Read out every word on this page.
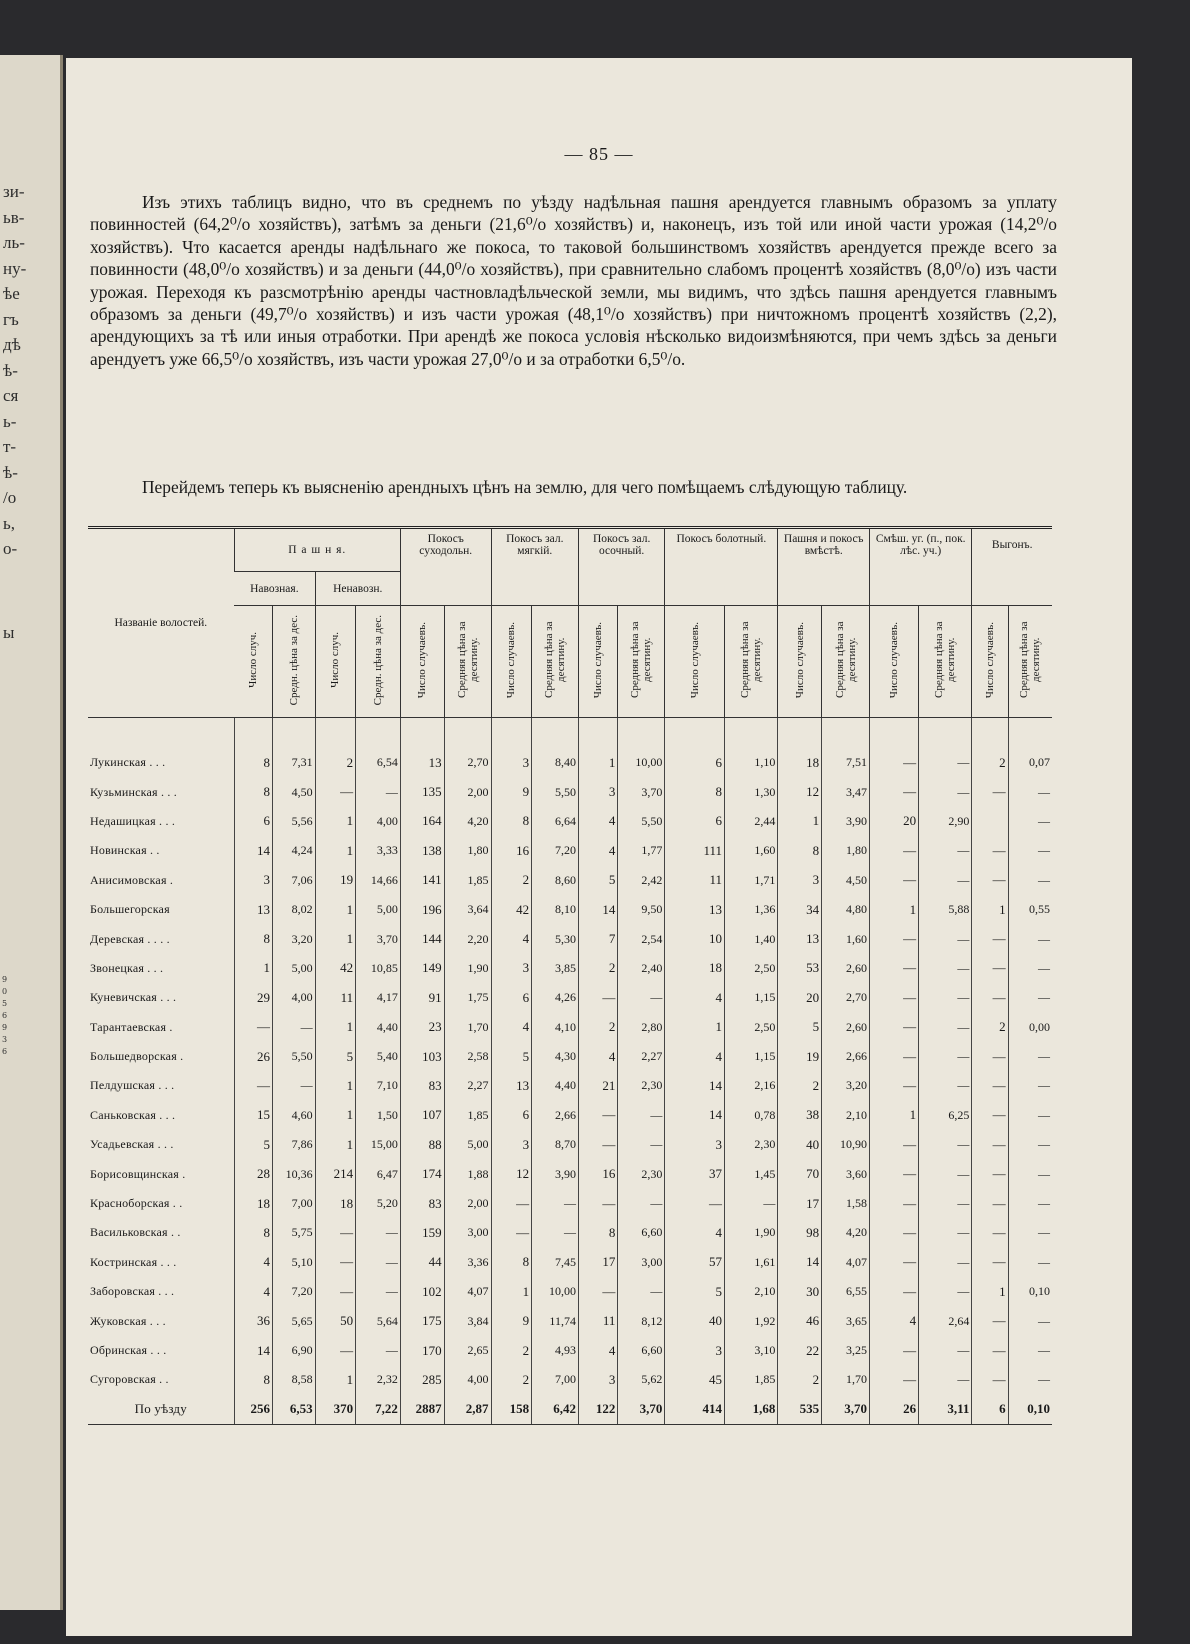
зи-
ьв-
ль-
ну-
ѣе
гъ
дѣ
ѣ-
ся
ь-
т-
ѣ-
/о
ь,
о-
ы
9
0
5
6
9
3
6
— 85 —

Изъ этихъ таблицъ видно, что въ среднемъ по уѣзду надѣльная пашня арендуется главнымъ образомъ за уплату повинностей (64,2⁰/о хозяйствъ), затѣмъ за деньги (21,6⁰/о хозяйствъ) и, наконецъ, изъ той или иной части урожая (14,2⁰/о хозяйствъ). Что касается аренды надѣльнаго же покоса, то таковой большинствомъ хозяйствъ арендуется прежде всего за повинности (48,0⁰/о хозяйствъ) и за деньги (44,0⁰/о хозяйствъ), при сравнительно слабомъ процентѣ хозяйствъ (8,0⁰/о) изъ части урожая. Переходя къ разсмотрѣнію аренды частновладѣльческой земли, мы видимъ, что здѣсь пашня арендуется главнымъ образомъ за деньги (49,7⁰/о хозяйствъ) и изъ части урожая (48,1⁰/о хозяйствъ) при ничтожномъ процентѣ хозяйствъ (2,2), арендующихъ за тѣ или иныя отработки. При арендѣ же покоса условія нѣсколько видоизмѣняются, при чемъ здѣсь за деньги арендуетъ уже 66,5⁰/о хозяйствъ, изъ части урожая 27,0⁰/о и за отработки 6,5⁰/о.

Перейдемъ теперь къ выясненію арендныхъ цѣнъ на землю, для чего помѣщаемъ слѣдующую таблицу.

Названіе волостей.	П а ш н я.				Покосъ суходольн.		Покосъ зал. мягкій.		Покосъ зал. осочный.		Покосъ болотный.		Пашня и покосъ вмѣстѣ.		Смѣш. уг. (п., пок. лѣс. уч.)		Выгонъ.	
	Навозная.		Ненавозн.															
	Число случ.	Средн. цѣна за дес.	Число случ.	Средн. цѣна за дес.	Число случаевъ.	Средняя цѣна за десятину.	Число случаевъ.	Средняя цѣна за десятину.	Число случаевъ.	Средняя цѣна за десятину.	Число случаевъ.	Средняя цѣна за десятину.	Число случаевъ.	Средняя цѣна за десятину.	Число случаевъ.	Средняя цѣна за десятину.	Число случаевъ.	Средняя цѣна за десятину.

Лукинская . . .	8	7,31	2	6,54	13	2,70	3	8,40	1	10,00	6	1,10	18	7,51	—	—	2	0,07
Кузьминская . . .	8	4,50	—	—	135	2,00	9	5,50	3	3,70	8	1,30	12	3,47	—	—	—	—
Недашицкая . . .	6	5,56	1	4,00	164	4,20	8	6,64	4	5,50	6	2,44	1	3,90	20	2,90		—
Новинская . .	14	4,24	1	3,33	138	1,80	16	7,20	4	1,77	111	1,60	8	1,80	—	—	—	—
Анисимовская .	3	7,06	19	14,66	141	1,85	2	8,60	5	2,42	11	1,71	3	4,50	—	—	—	—
Большегорская	13	8,02	1	5,00	196	3,64	42	8,10	14	9,50	13	1,36	34	4,80	1	5,88	1	0,55
Деревская . . . .	8	3,20	1	3,70	144	2,20	4	5,30	7	2,54	10	1,40	13	1,60	—	—	—	—
Звонецкая . . .	1	5,00	42	10,85	149	1,90	3	3,85	2	2,40	18	2,50	53	2,60	—	—	—	—
Куневичская . . .	29	4,00	11	4,17	91	1,75	6	4,26	—	—	4	1,15	20	2,70	—	—	—	—
Тарантаевская .	—	—	1	4,40	23	1,70	4	4,10	2	2,80	1	2,50	5	2,60	—	—	2	0,00
Большедворская .	26	5,50	5	5,40	103	2,58	5	4,30	4	2,27	4	1,15	19	2,66	—	—	—	—
Пелдушская . . .	—	—	1	7,10	83	2,27	13	4,40	21	2,30	14	2,16	2	3,20	—	—	—	—
Саньковская . . .	15	4,60	1	1,50	107	1,85	6	2,66	—	—	14	0,78	38	2,10	1	6,25	—	—
Усадьевская . . .	5	7,86	1	15,00	88	5,00	3	8,70	—	—	3	2,30	40	10,90	—	—	—	—
Борисовщинская .	28	10,36	214	6,47	174	1,88	12	3,90	16	2,30	37	1,45	70	3,60	—	—	—	—
Краснoборская . .	18	7,00	18	5,20	83	2,00	—	—	—	—	—	—	17	1,58	—	—	—	—
Васильковская . .	8	5,75	—	—	159	3,00	—	—	8	6,60	4	1,90	98	4,20	—	—	—	—
Костринская . . .	4	5,10	—	—	44	3,36	8	7,45	17	3,00	57	1,61	14	4,07	—	—	—	—
Заборовская . . .	4	7,20	—	—	102	4,07	1	10,00	—	—	5	2,10	30	6,55	—	—	1	0,10
Жуковская . . .	36	5,65	50	5,64	175	3,84	9	11,74	11	8,12	40	1,92	46	3,65	4	2,64	—	—
Обринская . . .	14	6,90	—	—	170	2,65	2	4,93	4	6,60	3	3,10	22	3,25	—	—	—	—
Сугоровская . .	8	8,58	1	2,32	285	4,00	2	7,00	3	5,62	45	1,85	2	1,70	—	—	—	—
По уѣзду	256	6,53	370	7,22	2887	2,87	158	6,42	122	3,70	414	1,68	535	3,70	26	3,11	6	0,10
